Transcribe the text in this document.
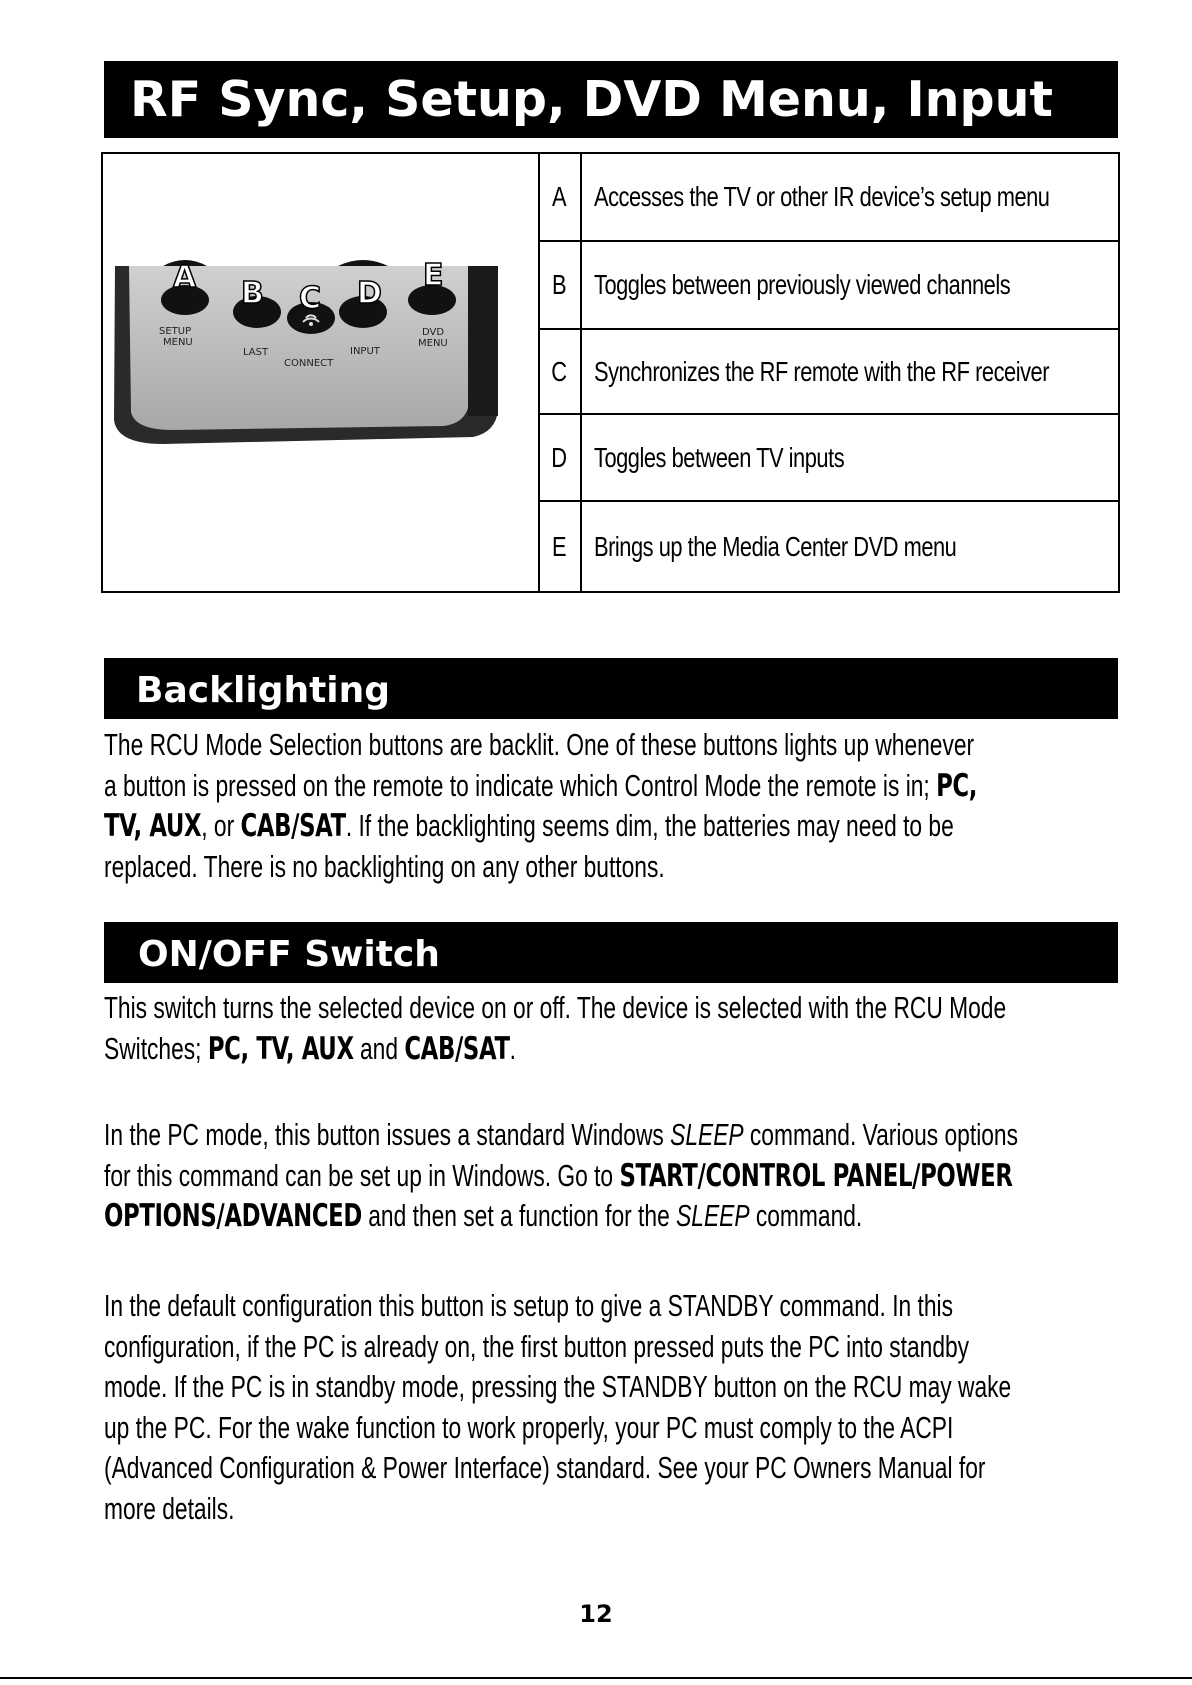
RF Sync, Setup, DVD Menu, Input
SETUP
MENU
LAST
CONNECT
INPUT
DVD
MENU
A B C D
E
A Accesses the TV or other IR device’s setup menu
B Toggles between previously viewed channels
C Synchronizes the RF remote with the RF receiver
D Toggles between TV inputs
E Brings up the Media Center DVD menu
Backlighting
The RCU Mode Selection buttons are backlit. One of these buttons lights up whenever
a button is pressed on the remote to indicate which Control Mode the remote is in; PC,
TV, AUX, or CAB/SAT. If the backlighting seems dim, the batteries may need to be
replaced. There is no backlighting on any other buttons.
ON/OFF Switch
This switch turns the selected device on or off. The device is selected with the RCU Mode
Switches; PC, TV, AUX and CAB/SAT.
In the PC mode, this button issues a standard Windows SLEEP command. Various options
for this command can be set up in Windows. Go to START/CONTROL PANEL/POWER
OPTIONS/ADVANCED and then set a function for the SLEEP command.
In the default configuration this button is setup to give a STANDBY command. In this
configuration, if the PC is already on, the first button pressed puts the PC into standby
mode. If the PC is in standby mode, pressing the STANDBY button on the RCU may wake
up the PC. For the wake function to work properly, your PC must comply to the ACPI
(Advanced Configuration & Power Interface) standard. See your PC Owners Manual for
more details.
12
